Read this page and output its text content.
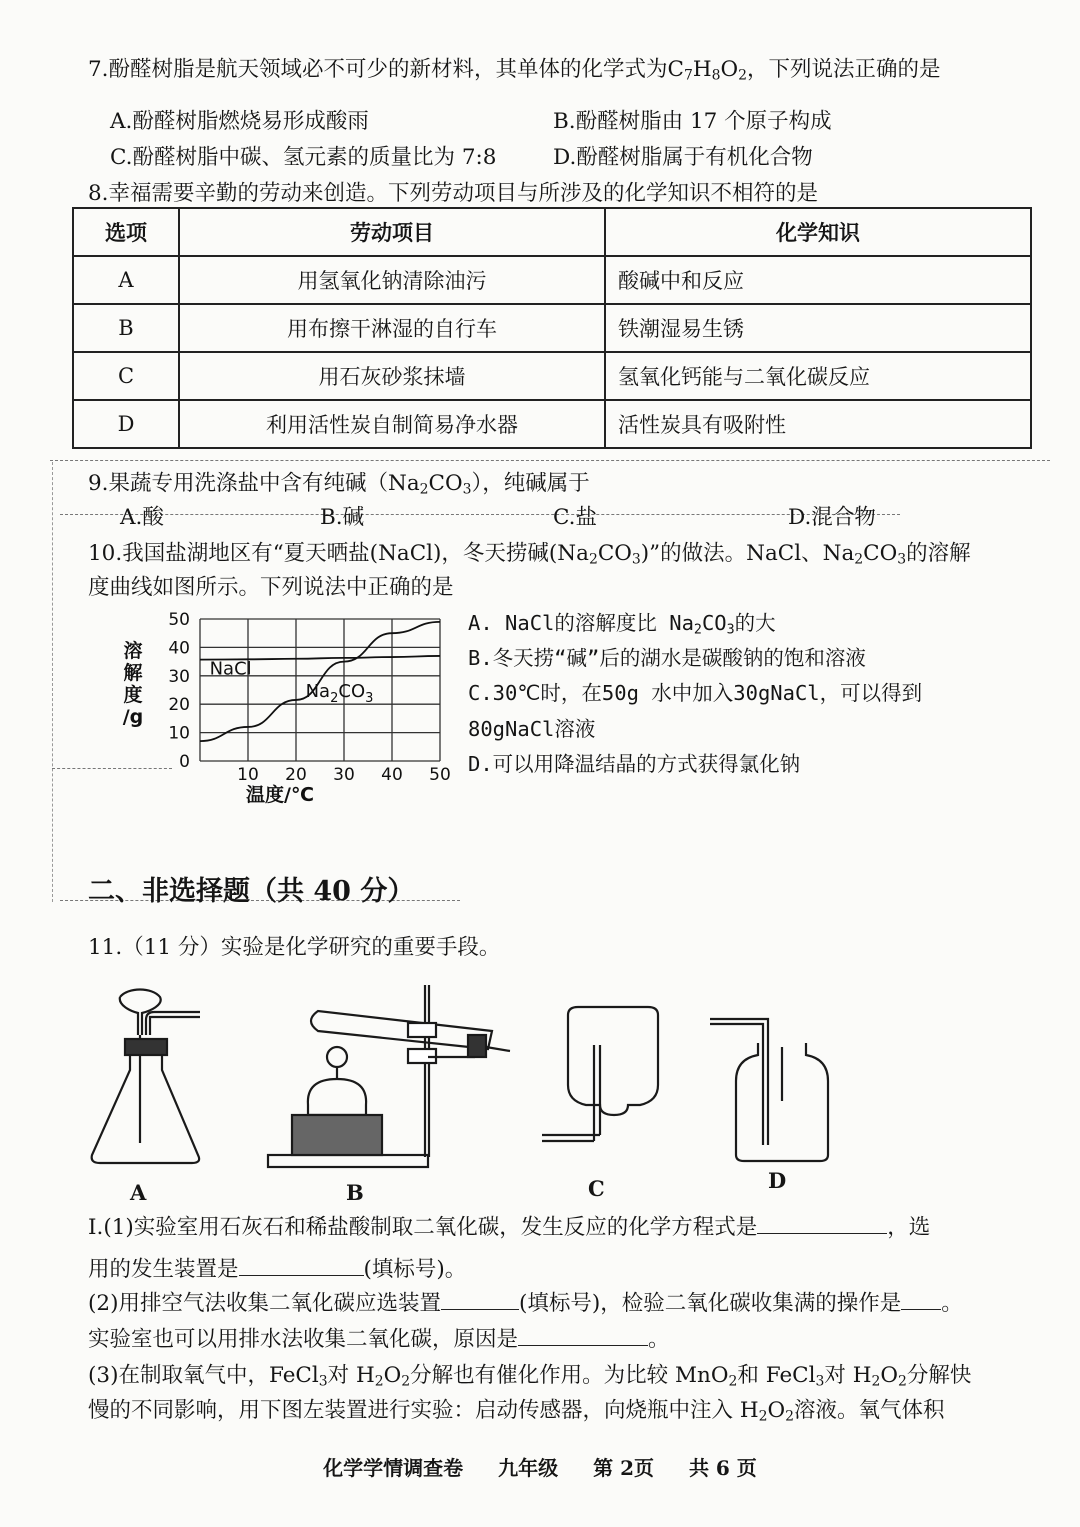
7.酚醛树脂是航天领域必不可少的新材料，其单体的化学式为$C_7H_8O_2$，下列说法正确的是
A.酚醛树脂燃烧易形成酸雨	B.酚醛树脂由 17 个原子构成
C.酚醛树脂中碳、氢元素的质量比为 7:8	D.酚醛树脂属于有机化合物
8.幸福需要辛勤的劳动来创造。下列劳动项目与所涉及的化学知识不相符的是
选项	劳动项目	化学知识
A	用氢氧化钠清除油污	酸碱中和反应
B	用布擦干淋湿的自行车	铁潮湿易生锈
C	用石灰砂浆抹墙	氢氧化钙能与二氧化碳反应
D	利用活性炭自制简易净水器	活性炭具有吸附性
9.果蔬专用洗涤盐中含有纯碱$(Na_2CO_3)$，纯碱属于
A.酸	B.碱	C.盐	D.混合物
10.我国盐湖地区有“夏天晒盐(NaCl)，冬天捞碱$(Na_2CO_3)$”的做法。NaCl、$Na_2CO_3$的溶解
度曲线如图所示。下列说法中正确的是
0
10
20
30
40
50
10 20 30 40 50
溶
解
度
/g
温度/℃
NaCl
$Na_2CO_3$
A. NaCl的溶解度比 $Na_2CO_3$的大
B.冬天捞“碱”后的湖水是碳酸钠的饱和溶液
C.30℃时，在50g 水中加入30gNaCl，可以得到
80gNaCl溶液
D.可以用降温结晶的方式获得氯化钠
二、非选择题（共 40 分）
11.（11 分）实验是化学研究的重要手段。
A	B	C	D
Ⅰ.(1)实验室用石灰石和稀盐酸制取二氧化碳，发生反应的化学方程式是	，选
用的发生装置是	(填标号)。
(2)用排空气法收集二氧化碳应选装置	(填标号)，检验二氧化碳收集满的操作是 。
实验室也可以用排水法收集二氧化碳，原因是	。
(3)在制取氧气中，FeCl$_3$对 $H_2O_2$分解也有催化作用。为比较 MnO$_2$和 FeCl$_3$对 $H_2O_2$分解快
慢的不同影响，用下图左装置进行实验：启动传感器，向烧瓶中注入 $H_2O_2$溶液。氧气体积
化学学情调查卷 九年级 第 2页 共 6 页
